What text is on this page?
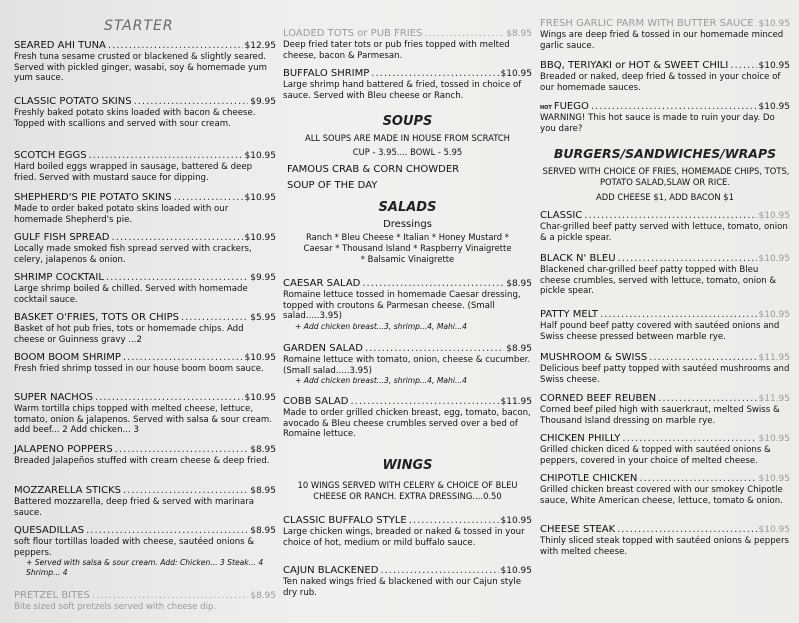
STARTER
SEARED AHI TUNA .....	$12.95
Fresh tuna sesame crusted or blackened & slightly seared. Served with pickled ginger, wasabi, soy & homemade yum yum sauce.
CLASSIC POTATO SKINS .....	$9.95
Freshly baked potato skins loaded with bacon & cheese. Topped with scallions and served with sour cream.
SCOTCH EGGS .....	$10.95
Hard boiled eggs wrapped in sausage, battered & deep fried. Served with mustard sauce for dipping.
SHEPHERD'S PIE POTATO SKINS .....	$10.95
Made to order baked potato skins loaded with our homemade Shepherd's pie.
GULF FISH SPREAD .....	$10.95
Locally made smoked fish spread served with crackers, celery, jalapenos & onion.
SHRIMP COCKTAIL .....	$9.95
Large shrimp boiled & chilled. Served with homemade cocktail sauce.
BASKET O'FRIES, TOTS OR CHIPS .....	$5.95
Basket of hot pub fries, tots or homemade chips. Add cheese or Guinness gravy ...2
BOOM BOOM SHRIMP .....	$10.95
Fresh fried shrimp tossed in our house boom boom sauce.
SUPER NACHOS .....	$10.95
Warm tortilla chips topped with melted cheese, lettuce, tomato, onion & jalapenos. Served with salsa & sour cream. add beef... 2 Add chicken... 3
JALAPENO POPPERS .....	$8.95
Breaded Jalapeños stuffed with cream cheese & deep fried.
MOZZARELLA STICKS .....	$8.95
Battered mozzarella, deep fried & served with marinara sauce.
QUESADILLAS .....	$8.95
soft flour tortillas loaded with cheese, sautéed onions & peppers.
+ Served with salsa & sour cream. Add: Chicken... 3 Steak... 4 Shrimp... 4
PRETZEL BITES .....	$8.95
Bite sized soft pretzels served with cheese dip.
LOADED TOTS or PUB FRIES .....	$8.95
Deep fried tater tots or pub fries topped with melted cheese, bacon & Parmesan.
BUFFALO SHRIMP .....	$10.95
Large shrimp hand battered & fried, tossed in choice of sauce. Served with Bleu cheese or Ranch.
SOUPS
ALL SOUPS ARE MADE IN HOUSE FROM SCRATCH
CUP - 3.95.... BOWL - 5.95
FAMOUS CRAB & CORN CHOWDER
SOUP OF THE DAY
SALADS
Dressings
Ranch * Bleu Cheese * Italian * Honey Mustard *
Caesar * Thousand Island * Raspberry Vinaigrette
* Balsamic Vinaigrette
CAESAR SALAD .....	$8.95
Romaine lettuce tossed in homemade Caesar dressing, topped with croutons & Parmesan cheese. (Small salad.....3.95)
+ Add chicken breast...3, shrimp...4, Mahi...4
GARDEN SALAD .....	$8.95
Romaine lettuce with tomato, onion, cheese & cucumber. (Small salad.....3.95)
+ Add chicken breast...3, shrimp...4, Mahi...4
COBB SALAD .....	$11.95
Made to order grilled chicken breast, egg, tomato, bacon, avocado & Bleu cheese crumbles served over a bed of Romaine lettuce.
WINGS
10 WINGS SERVED WITH CELERY & CHOICE OF BLEU CHEESE OR RANCH. EXTRA DRESSING....0.50
CLASSIC BUFFALO STYLE .....	$10.95
Large chicken wings, breaded or naked & tossed in your choice of hot, medium or mild buffalo sauce.
CAJUN BLACKENED .....	$10.95
Ten naked wings fried & blackened with our Cajun style dry rub.
FRESH GARLIC PARM WITH BUTTER SAUCE ..... $10.95
Wings are deep fried & tossed in our homemade minced garlic sauce.
BBQ, TERIYAKI or HOT & SWEET CHILI .....	$10.95
Breaded or naked, deep fried & tossed in your choice of our homemade sauces.
HOT FUEGO .....	$10.95
WARNING! This hot sauce is made to ruin your day. Do you dare?
BURGERS/SANDWICHES/WRAPS
SERVED WITH CHOICE OF FRIES, HOMEMADE CHIPS, TOTS,
POTATO SALAD,SLAW OR RICE.
ADD CHEESE $1, ADD BACON $1
CLASSIC .....	$10.95
Char-grilled beef patty served with lettuce, tomato, onion & a pickle spear.
BLACK N' BLEU .....	$10.95
Blackened char-grilled beef patty topped with Bleu cheese crumbles, served with lettuce, tomato, onion & pickle spear.
PATTY MELT .....	$10.95
Half pound beef patty covered with sautéed onions and Swiss cheese pressed between marble rye.
MUSHROOM & SWISS .....	$11.95
Delicious beef patty topped with sautéed mushrooms and Swiss cheese.
CORNED BEEF REUBEN .....	$11.95
Corned beef piled high with sauerkraut, melted Swiss & Thousand Island dressing on marble rye.
CHICKEN PHILLY .....	$10.95
Grilled chicken diced & topped with sautéed onions & peppers, covered in your choice of melted cheese.
CHIPOTLE CHICKEN .....	$10.95
Grilled chicken breast covered with our smokey Chipotle sauce, White American cheese, lettuce, tomato & onion.
CHEESE STEAK .....	$10.95
Thinly sliced steak topped with sautéed onions & peppers with melted cheese.
